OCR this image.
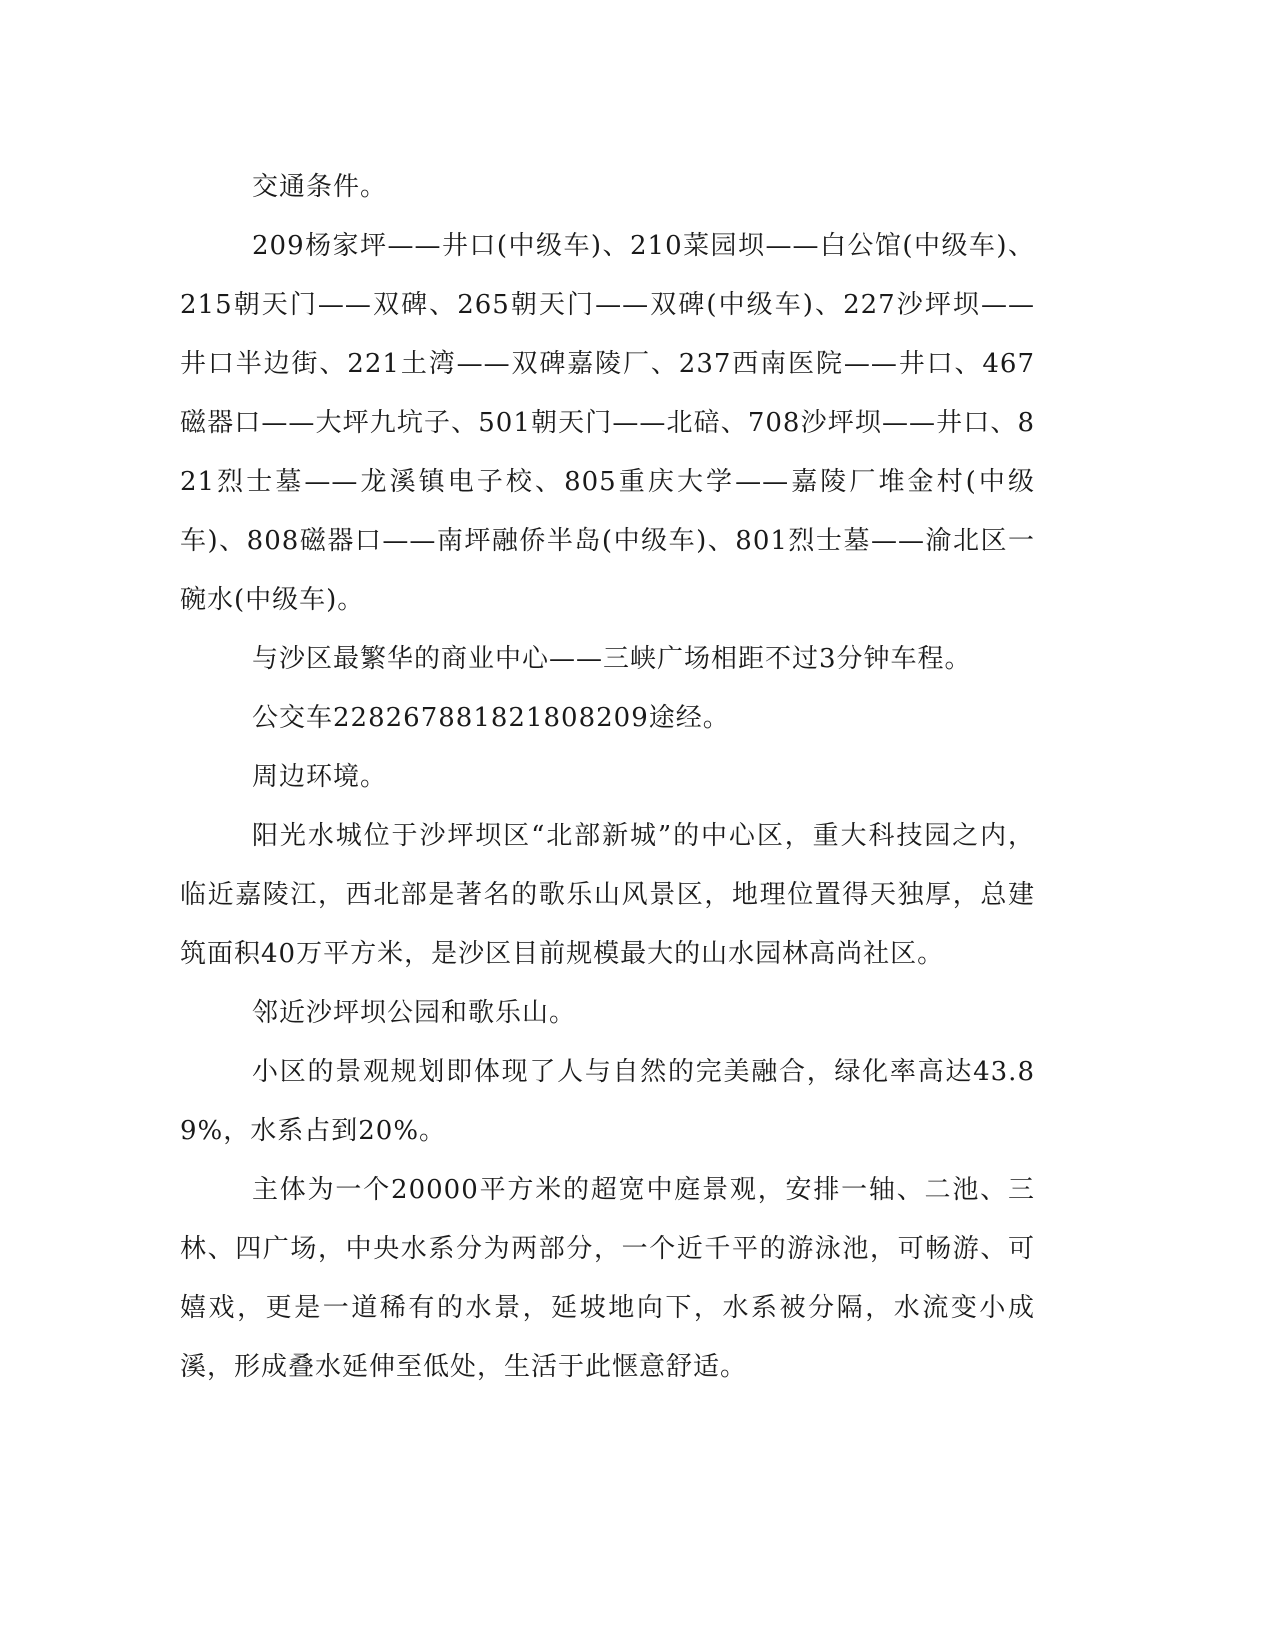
交通条件。

209杨家坪——井口(中级车)、210菜园坝——白公馆(中级车)、215朝天门——双碑、265朝天门——双碑(中级车)、227沙坪坝——井口半边街、221土湾——双碑嘉陵厂、237西南医院——井口、467磁器口——大坪九坑子、501朝天门——北碚、708沙坪坝——井口、821烈士墓——龙溪镇电子校、805重庆大学——嘉陵厂堆金村(中级车)、808磁器口——南坪融侨半岛(中级车)、801烈士墓——渝北区一碗水(中级车)。

与沙区最繁华的商业中心——三峡广场相距不过3分钟车程。

公交车228267881821808209途经。

周边环境。

阳光水城位于沙坪坝区“北部新城”的中心区，重大科技园之内，临近嘉陵江，西北部是著名的歌乐山风景区，地理位置得天独厚，总建筑面积40万平方米，是沙区目前规模最大的山水园林高尚社区。

邻近沙坪坝公园和歌乐山。

小区的景观规划即体现了人与自然的完美融合，绿化率高达43.89%，水系占到20%。

主体为一个20000平方米的超宽中庭景观，安排一轴、二池、三林、四广场，中央水系分为两部分，一个近千平的游泳池，可畅游、可嬉戏，更是一道稀有的水景，延坡地向下，水系被分隔，水流变小成溪，形成叠水延伸至低处，生活于此惬意舒适。
